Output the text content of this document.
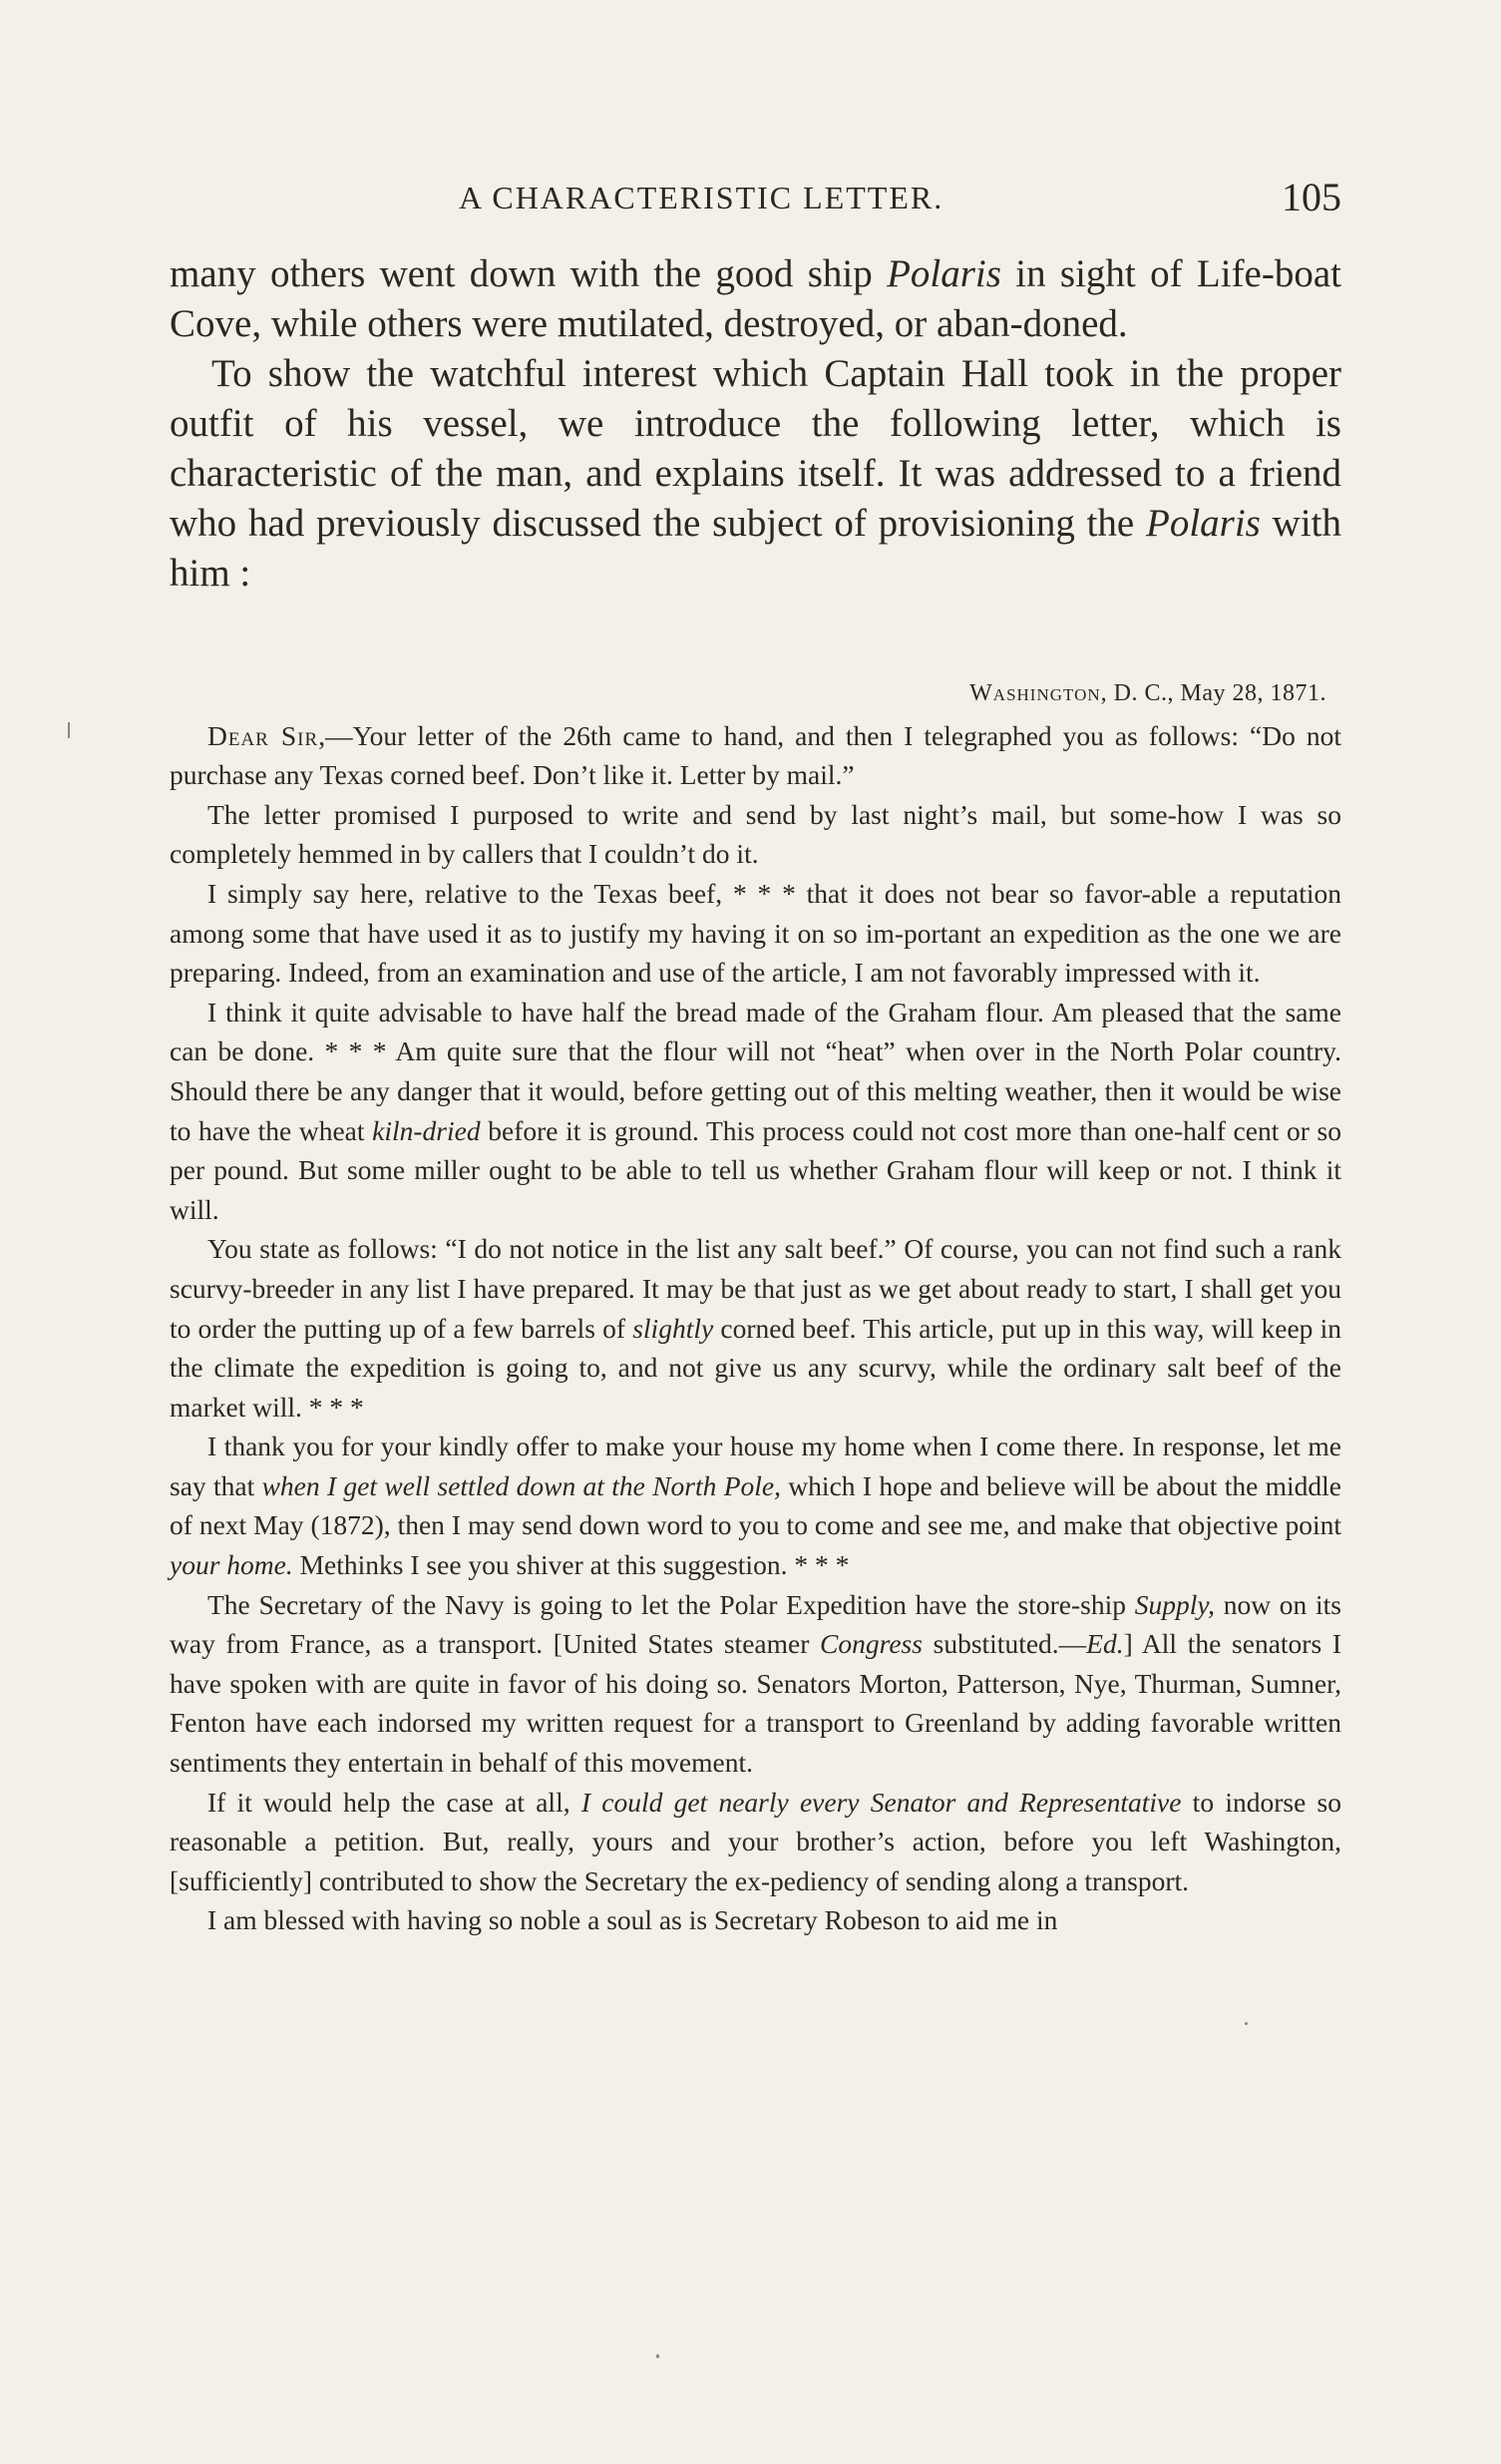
A CHARACTERISTIC LETTER.	105

many others went down with the good ship Polaris in sight of Life-boat Cove, while others were mutilated, destroyed, or aban-doned.

To show the watchful interest which Captain Hall took in the proper outfit of his vessel, we introduce the following letter, which is characteristic of the man, and explains itself. It was addressed to a friend who had previously discussed the subject of provisioning the Polaris with him :

Washington, D. C., May 28, 1871.

Dear Sir,—Your letter of the 26th came to hand, and then I telegraphed you as follows: “Do not purchase any Texas corned beef. Don’t like it. Letter by mail.”

The letter promised I purposed to write and send by last night’s mail, but some-how I was so completely hemmed in by callers that I couldn’t do it.

I simply say here, relative to the Texas beef, * * * that it does not bear so favor-able a reputation among some that have used it as to justify my having it on so im-portant an expedition as the one we are preparing. Indeed, from an examination and use of the article, I am not favorably impressed with it.

I think it quite advisable to have half the bread made of the Graham flour. Am pleased that the same can be done. * * * Am quite sure that the flour will not “heat” when over in the North Polar country. Should there be any danger that it would, before getting out of this melting weather, then it would be wise to have the wheat kiln-dried before it is ground. This process could not cost more than one-half cent or so per pound. But some miller ought to be able to tell us whether Graham flour will keep or not. I think it will.

You state as follows: “I do not notice in the list any salt beef.” Of course, you can not find such a rank scurvy-breeder in any list I have prepared. It may be that just as we get about ready to start, I shall get you to order the putting up of a few barrels of slightly corned beef. This article, put up in this way, will keep in the climate the expedition is going to, and not give us any scurvy, while the ordinary salt beef of the market will. * * *

I thank you for your kindly offer to make your house my home when I come there. In response, let me say that when I get well settled down at the North Pole, which I hope and believe will be about the middle of next May (1872), then I may send down word to you to come and see me, and make that objective point your home. Methinks I see you shiver at this suggestion. * * *

The Secretary of the Navy is going to let the Polar Expedition have the store-ship Supply, now on its way from France, as a transport. [United States steamer Congress substituted.—Ed.] All the senators I have spoken with are quite in favor of his doing so. Senators Morton, Patterson, Nye, Thurman, Sumner, Fenton have each indorsed my written request for a transport to Greenland by adding favorable written sentiments they entertain in behalf of this movement.

If it would help the case at all, I could get nearly every Senator and Representative to indorse so reasonable a petition. But, really, yours and your brother’s action, before you left Washington, [sufficiently] contributed to show the Secretary the ex-pediency of sending along a transport.

I am blessed with having so noble a soul as is Secretary Robeson to aid me in
